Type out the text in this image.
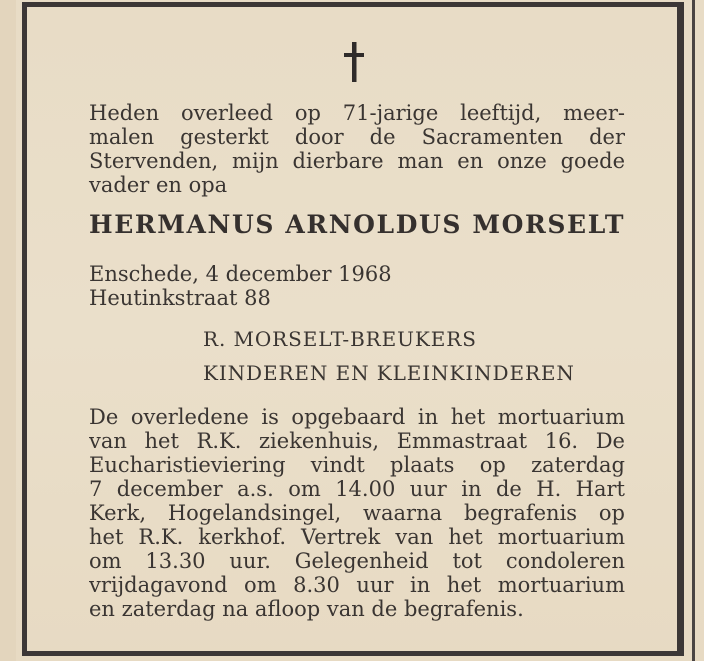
Heden overleed op 71-jarige leeftijd, meer-
malen gesterkt door de Sacramenten der
Stervenden, mijn dierbare man en onze goede
vader en opa
HERMANUS ARNOLDUS MORSELT
Enschede, 4 december 1968
Heutinkstraat 88
R. MORSELT-BREUKERS
KINDEREN EN KLEINKINDEREN
De overledene is opgebaard in het mortuarium
van het R.K. ziekenhuis, Emmastraat 16. De
Eucharistieviering vindt plaats op zaterdag
7 december a.s. om 14.00 uur in de H. Hart
Kerk, Hogelandsingel, waarna begrafenis op
het R.K. kerkhof. Vertrek van het mortuarium
om 13.30 uur. Gelegenheid tot condoleren
vrijdagavond om 8.30 uur in het mortuarium
en zaterdag na afloop van de begrafenis.
